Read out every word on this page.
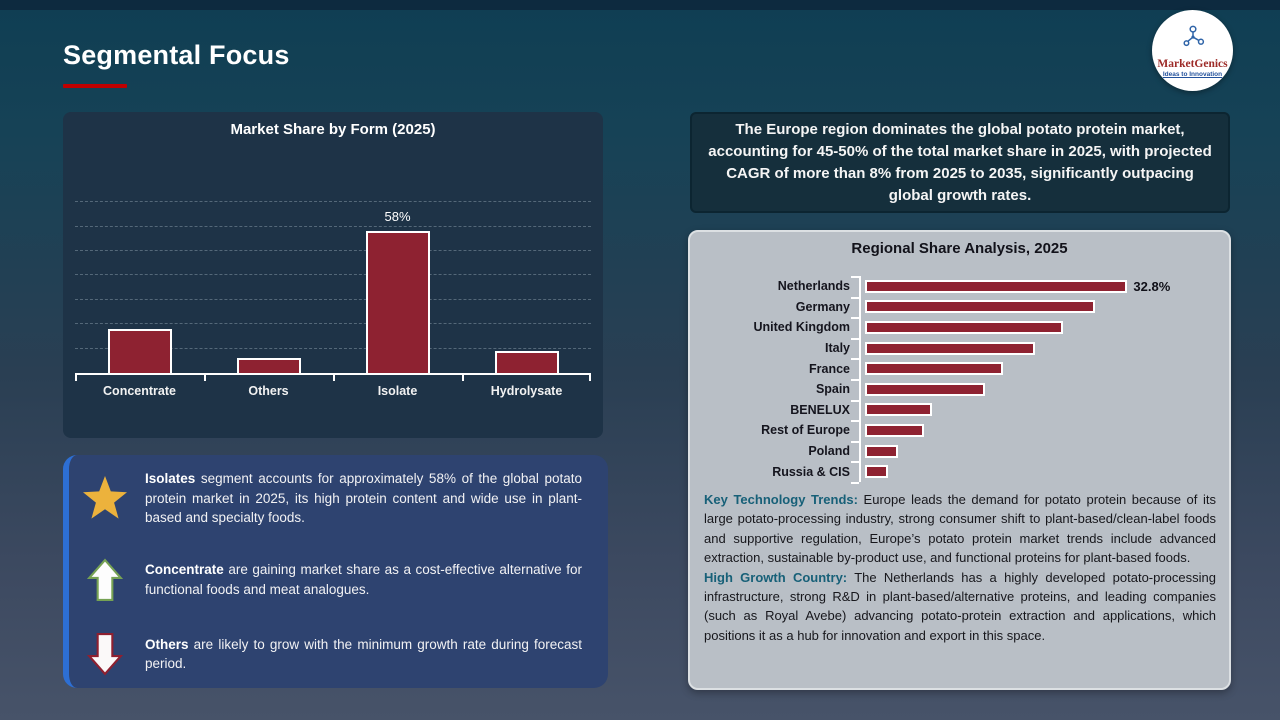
Segmental Focus	MarketGenics
Ideas to Innovation
Market Share by Form (2025)
58%
Concentrate	Others	Isolate	Hydrolysate

Isolates segment accounts for approximately 58% of the global potato protein market in 2025, its high protein content and wide use in plant-based and specialty foods.

Concentrate are gaining market share as a cost-effective alternative for functional foods and meat analogues.

Others are likely to grow with the minimum growth rate during forecast period.

The Europe region dominates the global potato protein market, accounting for 45-50% of the total market share in 2025, with projected CAGR of more than 8% from 2025 to 2035, significantly outpacing global growth rates.

Regional Share Analysis, 2025
Netherlands	32.8%
Germany
United Kingdom
Italy
France
Spain
BENELUX
Rest of Europe
Poland
Russia & CIS

Key Technology Trends: Europe leads the demand for potato protein because of its large potato-processing industry, strong consumer shift to plant-based/clean-label foods and supportive regulation, Europe’s potato protein market trends include advanced extraction, sustainable by-product use, and functional proteins for plant-based foods.

High Growth Country: The Netherlands has a highly developed potato-processing infrastructure, strong R&D in plant-based/alternative proteins, and leading companies (such as Royal Avebe) advancing potato-protein extraction and applications, which positions it as a hub for innovation and export in this space.
